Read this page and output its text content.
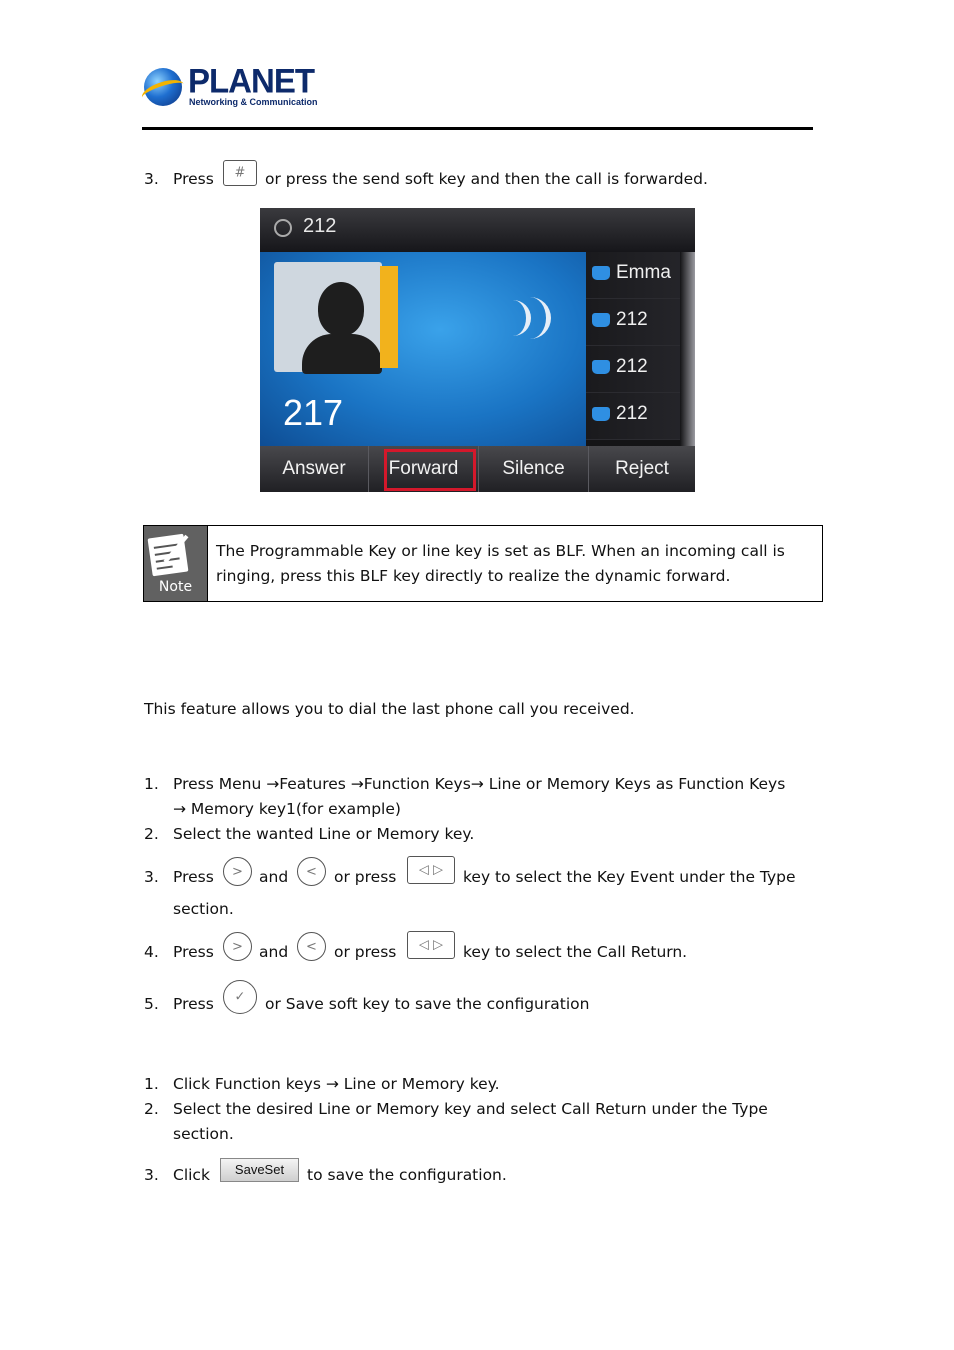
PLANET
Networking & Communication
3. Press	#	or press the send soft key and then the call is forwarded.
212
217
Emma
212
212
212
Answer	Forward	Silence	Reject
Note
The Programmable Key or line key is set as BLF. When an incoming call is ringing, press this BLF key directly to realize the dynamic forward.
This feature allows you to dial the last phone call you received.
1. Press Menu →Features →Function Keys→ Line or Memory Keys as Function Keys
→ Memory key1(for example)
2. Select the wanted Line or Memory key.
3. Press	>	and	<	or press	◁ ▷	key to select the Key Event under the Type
section.
4. Press	>	and	<	or press	◁ ▷	key to select the Call Return.
5. Press	✓	or Save soft key to save the configuration
1. Click Function keys → Line or Memory key.
2. Select the desired Line or Memory key and select Call Return under the Type
section.
3. Click	SaveSet	to save the configuration.
